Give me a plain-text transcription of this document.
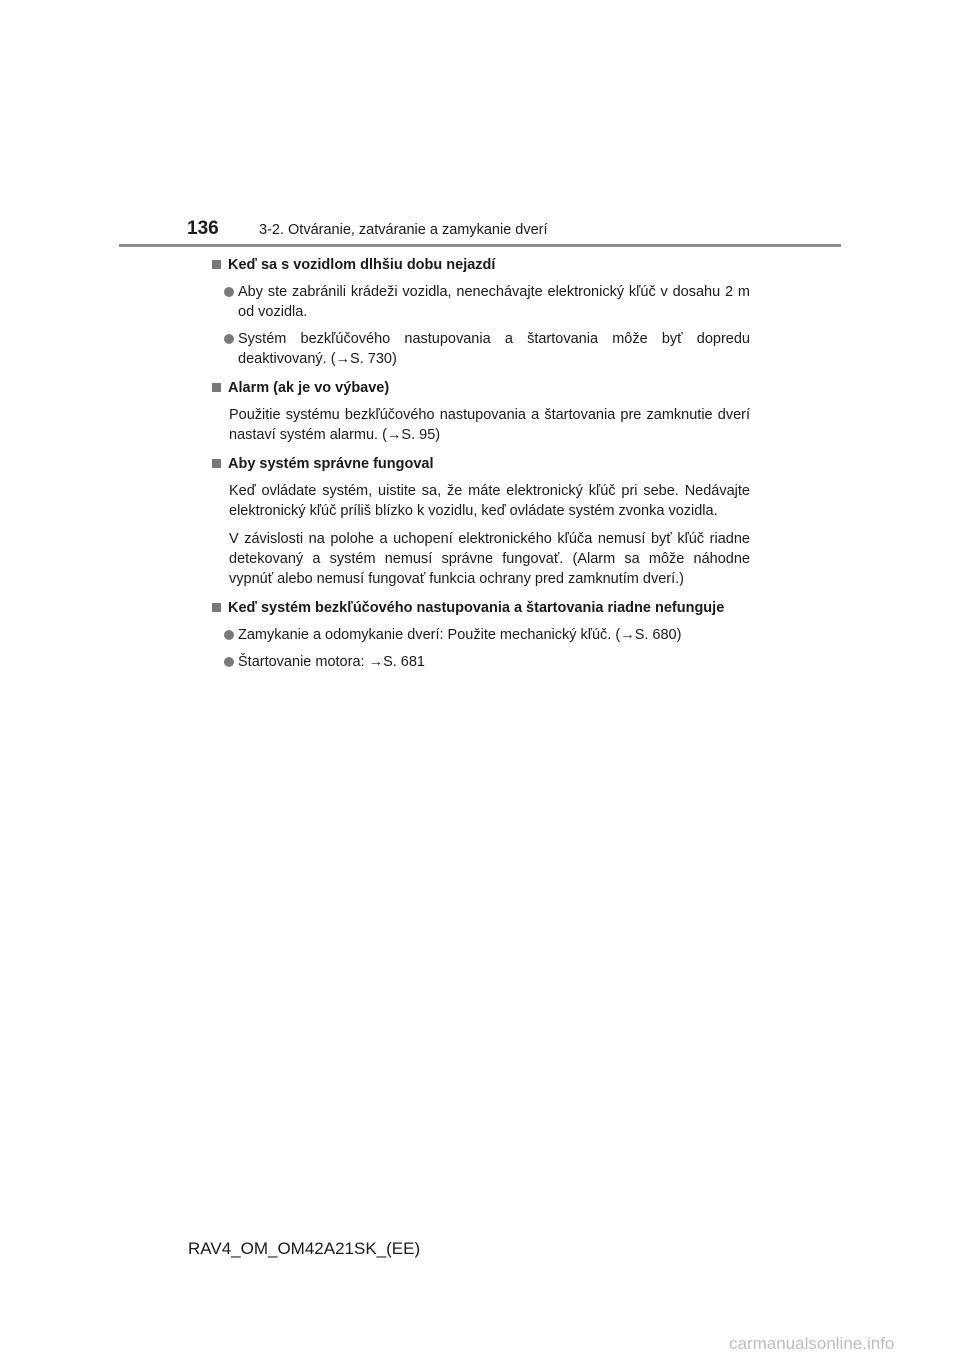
136	3-2. Otváranie, zatváranie a zamykanie dverí
Keď sa s vozidlom dlhšiu dobu nejazdí
Aby ste zabránili krádeži vozidla, nenechávajte elektronický kľúč v dosahu 2 m od vozidla.
Systém bezkľúčového nastupovania a štartovania môže byť dopredu deaktivovaný. (→S. 730)
Alarm (ak je vo výbave)
Použitie systému bezkľúčového nastupovania a štartovania pre zamknutie dverí nastaví systém alarmu. (→S. 95)
Aby systém správne fungoval
Keď ovládate systém, uistite sa, že máte elektronický kľúč pri sebe. Nedávajte elektronický kľúč príliš blízko k vozidlu, keď ovládate systém zvonka vozidla.
V závislosti na polohe a uchopení elektronického kľúča nemusí byť kľúč riadne detekovaný a systém nemusí správne fungovať. (Alarm sa môže náhodne vypnúť alebo nemusí fungovať funkcia ochrany pred zamknutím dverí.)
Keď systém bezkľúčového nastupovania a štartovania riadne nefunguje
Zamykanie a odomykanie dverí: Použite mechanický kľúč. (→S. 680)
Štartovanie motora: →S. 681
RAV4_OM_OM42A21SK_(EE)
carmanualsonline.info
